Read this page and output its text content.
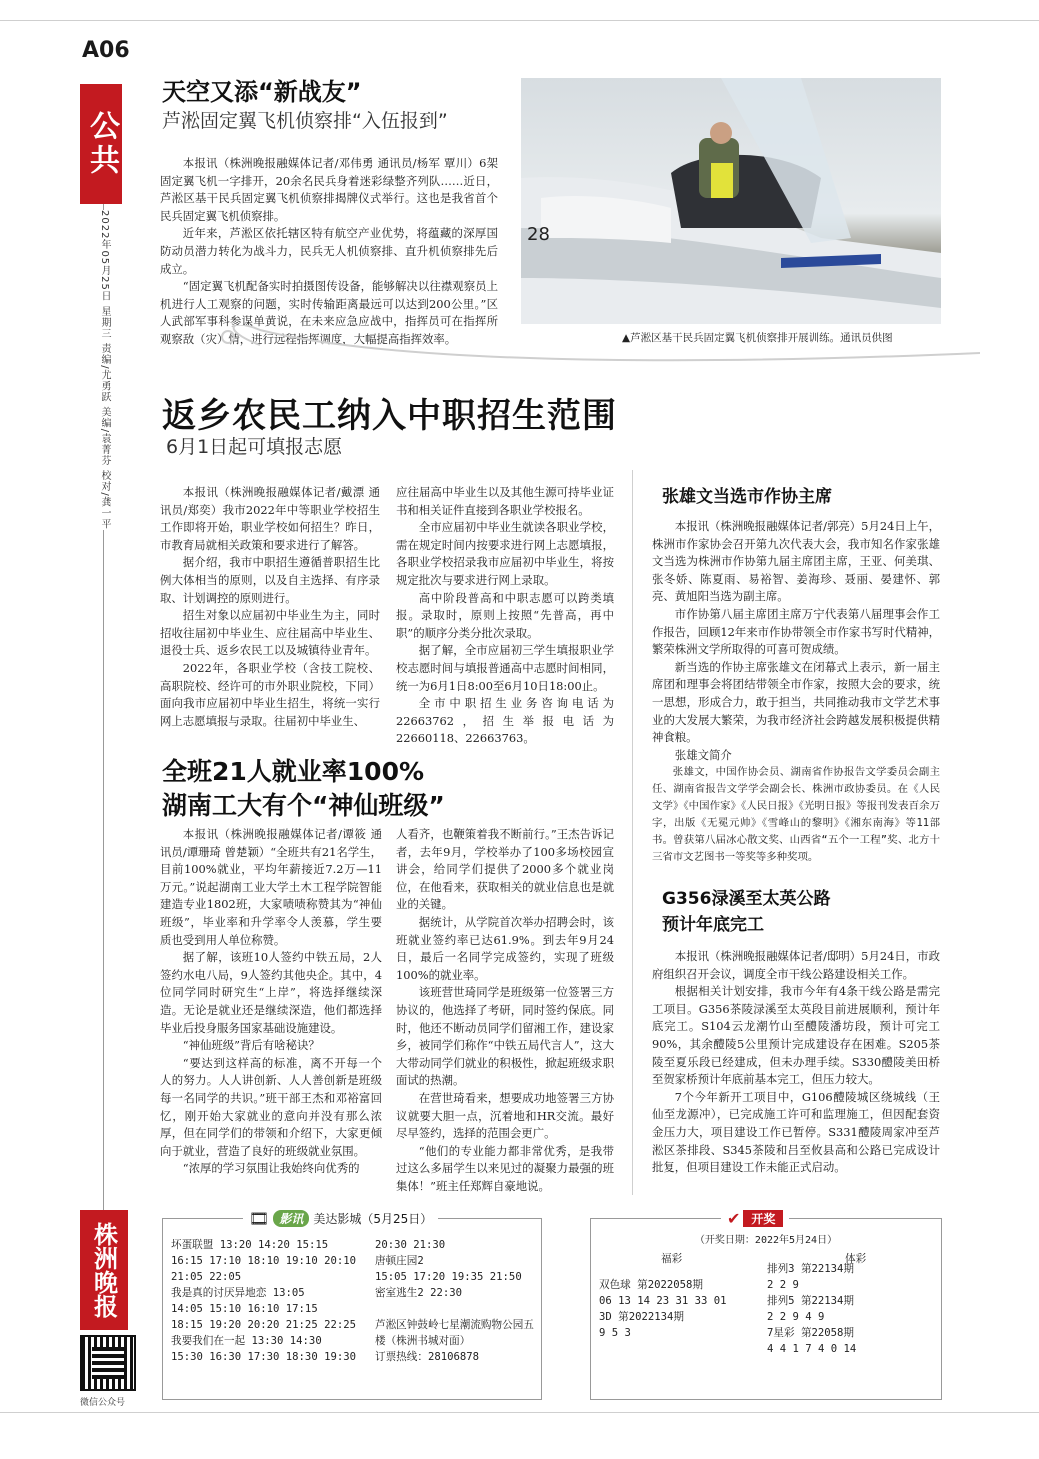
A06
公共
2022年05月25日 星期三 责编/尤勇跃 美编/袁菁芬 校对/龚一平
株洲晚报
微信公众号
天空又添“新战友”
芦淞固定翼飞机侦察排“入伍报到”

本报讯（株洲晚报融媒体记者/邓伟勇 通讯员/杨军 覃川）6架固定翼飞机一字排开，20余名民兵身着迷彩绿整齐列队……近日，芦淞区基干民兵固定翼飞机侦察排揭牌仪式举行。这也是我省首个民兵固定翼飞机侦察排。

近年来，芦淞区依托辖区特有航空产业优势，将蕴藏的深厚国防动员潜力转化为战斗力，民兵无人机侦察排、直升机侦察排先后成立。

“固定翼飞机配备实时拍摄图传设备，能够解决以往襟观察员上机进行人工观察的问题，实时传输距离最远可以达到200公里。”区人武部军事科参谋单黄说，在未来应急应战中，指挥员可在指挥所观察敌（灾）情，进行远程指挥调度，大幅提高指挥效率。

28
▲芦淞区基干民兵固定翼飞机侦察排开展训练。通讯员供图
返乡农民工纳入中职招生范围
6月1日起可填报志愿

本报讯（株洲晚报融媒体记者/戴漂 通讯员/郑奕）我市2022年中等职业学校招生工作即将开始，职业学校如何招生？昨日，市教育局就相关政策和要求进行了解答。

据介绍，我市中职招生遵循普职招生比例大体相当的原则，以及自主选择、有序录取、计划调控的原则进行。

招生对象以应届初中毕业生为主，同时招收往届初中毕业生、应往届高中毕业生、退役士兵、返乡农民工以及城镇待业青年。

2022年，各职业学校（含技工院校、高职院校、经许可的市外职业院校，下同）面向我市应届初中毕业生招生，将统一实行网上志愿填报与录取。往届初中毕业生、

应往届高中毕业生以及其他生源可持毕业证书和相关证件直接到各职业学校报名。

全市应届初中毕业生就读各职业学校，需在规定时间内按要求进行网上志愿填报，各职业学校招录我市应届初中毕业生，将按规定批次与要求进行网上录取。

高中阶段普高和中职志愿可以跨类填报。录取时，原则上按照“先普高，再中职”的顺序分类分批次录取。

据了解，全市应届初三学生填报职业学校志愿时间与填报普通高中志愿时间相同，统一为6月1日8:00至6月10日18:00止。

全市中职招生业务咨询电话为22663762，招生举报电话为22660118、22663763。

全班21人就业率100%
湖南工大有个“神仙班级”

本报讯（株洲晚报融媒体记者/谭筱 通讯员/谭珊琦 曾楚颖）“全班共有21名学生，目前100%就业，平均年薪接近7.2万—11万元。”说起湖南工业大学土木工程学院智能建造专业1802班，大家啧啧称赞其为“神仙班级”，毕业率和升学率令人羡慕，学生要质也受到用人单位称赞。

据了解，该班10人签约中铁五局，2人签约水电八局，9人签约其他央企。其中，4位同学同时研究生“上岸”，将选择继续深造。无论是就业还是继续深造，他们都选择毕业后投身服务国家基础设施建设。

“神仙班级”背后有啥秘诀？

“要达到这样高的标准，离不开每一个人的努力。人人讲创新、人人善创新是班级每一名同学的共识。”班干部王杰和邓裕富回忆，刚开始大家就业的意向并没有那么浓厚，但在同学们的带领和介绍下，大家更倾向于就业，营造了良好的班级就业氛围。

“浓厚的学习氛围让我始终向优秀的

人看齐，也鞭策着我不断前行。”王杰告诉记者，去年9月，学校举办了100多场校园宣讲会，给同学们提供了2000多个就业岗位，在他看来，获取相关的就业信息也是就业的关键。

据统计，从学院首次举办招聘会时，该班就业签约率已达61.9%。到去年9月24日，最后一名同学完成签约，实现了班级100%的就业率。

该班营世琦同学是班级第一位签署三方协议的，他选择了考研，同时签约保底。同时，他还不断动员同学们留湘工作，建设家乡，被同学们称作“中铁五局代言人”，这大大带动同学们就业的积极性，掀起班级求职面试的热潮。

在营世琦看来，想要成功地签署三方协议就要大胆一点，沉着地和HR交流。最好尽早签约，选择的范围会更广。

“他们的专业能力都非常优秀，是我带过这么多届学生以来见过的凝聚力最强的班集体！”班主任郑辉自豪地说。

张雄文当选市作协主席

本报讯（株洲晚报融媒体记者/郭亮）5月24日上午，株洲市作家协会召开第九次代表大会，我市知名作家张雄文当选为株洲市作协第九届主席团主席，王亚、何美琪、张冬娇、陈夏雨、易裕智、姜海珍、聂丽、晏建怀、郭亮、黄旭阳当选为副主席。

市作协第八届主席团主席万宁代表第八届理事会作工作报告，回顾12年来市作协带领全市作家书写时代精神，繁荣株洲文学所取得的可喜可贺成绩。

新当选的作协主席张雄文在闭幕式上表示，新一届主席团和理事会将团结带领全市作家，按照大会的要求，统一思想，形成合力，敢于担当，共同推动我市文学艺术事业的大发展大繁荣，为我市经济社会跨越发展积极提供精神食粮。

张雄文简介

张雄文，中国作协会员、湖南省作协报告文学委员会副主任、湖南省报告文学学会副会长、株洲市政协委员。在《人民文学》《中国作家》《人民日报》《光明日报》等报刊发表百余万字，出版《无冕元帅》《雪峰山的黎明》《湘东南海》等11部书。曾获第八届冰心散文奖、山西省“五个一工程”奖、北方十三省市文艺图书一等奖等多种奖项。

G356渌溪至太英公路
预计年底完工

本报讯（株洲晚报融媒体记者/邸明）5月24日，市政府组织召开会议，调度全市干线公路建设相关工作。

根据相关计划安排，我市今年有4条干线公路是需完工项目。G356茶陵渌溪至太英段目前进展顺利，预计年底完工。S104云龙潮竹山至醴陵潘坊段，预计可完工90%，其余醴陵5公里预计完成建设存在困难。S205茶陵至夏乐段已经建成，但未办理手续。S330醴陵美田桥至贺家桥预计年底前基本完工，但压力较大。

7个今年新开工项目中，G106醴陵城区绕城线（王仙至龙源冲），已完成施工许可和监理施工，但因配套资金压力大，项目建设工作已暂停。S331醴陵周家冲至芦淞区茶排段、S345茶陵和吕至攸县高和公路已完成设计批复，但项目建设工作未能正式启动。

🎞 影讯 美达影城（5月25日）
坏蛋联盟 13:20 14:20 15:15
16:15 17:10 18:10 19:10 20:10
21:05 22:05
我是真的讨厌异地恋 13:05
14:05 15:10 16:10 17:15
18:15 19:20 20:20 21:25 22:25
我要我们在一起 13:30 14:30
15:30 16:30 17:30 18:30 19:30
20:30 21:30
唐顿庄园2
15:05 17:20 19:35 21:50
密室逃生2 22:30
芦淞区钟鼓岭七星潮流购物公园五
楼（株洲书城对面）
订票热线：28106878
✔ 开奖
（开奖日期：2022年5月24日）
福彩	体彩
双色球 第2022058期
06 13 14 23 31 33 01
3D 第2022134期
9 5 3
排列3 第22134期
2 2 9
排列5 第22134期
2 2 9 4 9
7星彩 第22058期
4 4 1 7 4 0 14
